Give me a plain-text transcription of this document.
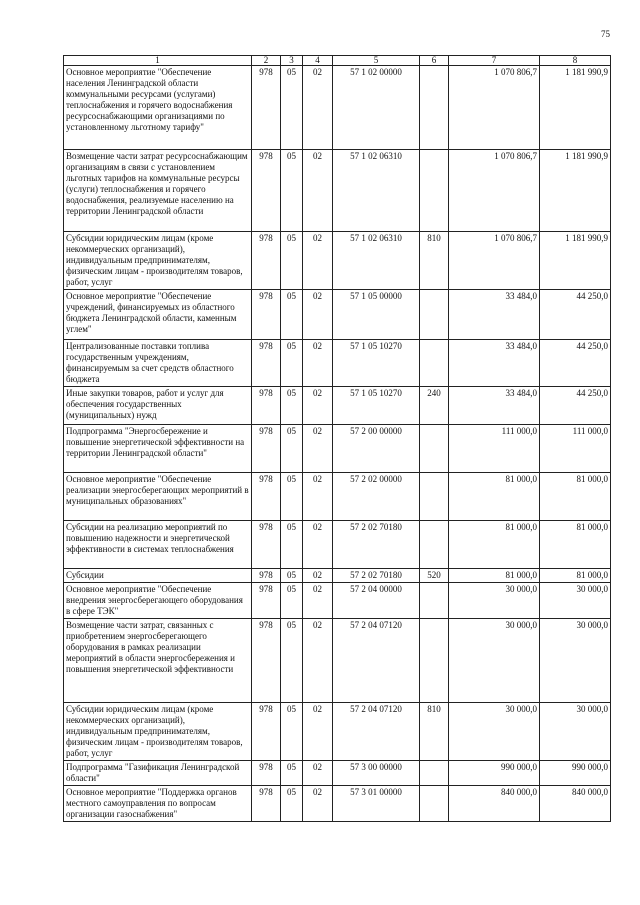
75
1	2	3	4	5	6	7	8
Основное мероприятие "Обеспечение населения Ленинградской области коммунальными ресурсами (услугами) теплоснабжения и горячего водоснабжения ресурсоснабжающими организациями по установленному льготному тарифу"	978	05	02	57 1 02 00000		1 070 806,7	1 181 990,9
Возмещение части затрат ресурсоснабжающим организациям в связи с установлением льготных тарифов на коммунальные ресурсы (услуги) теплоснабжения и горячего водоснабжения, реализуемые населению на территории Ленинградской области	978	05	02	57 1 02 06310		1 070 806,7	1 181 990,9
Субсидии юридическим лицам (кроме некоммерческих организаций), индивидуальным предпринимателям, физическим лицам - производителям товаров, работ, услуг	978	05	02	57 1 02 06310	810	1 070 806,7	1 181 990,9
Основное мероприятие "Обеспечение учреждений, финансируемых из областного бюджета Ленинградской области, каменным углем"	978	05	02	57 1 05 00000		33 484,0	44 250,0
Централизованные поставки топлива государственным учреждениям, финансируемым за счет средств областного бюджета	978	05	02	57 1 05 10270		33 484,0	44 250,0
Иные закупки товаров, работ и услуг для обеспечения государственных (муниципальных) нужд	978	05	02	57 1 05 10270	240	33 484,0	44 250,0
Подпрограмма "Энергосбережение и повышение энергетической эффективности на территории Ленинградской области"	978	05	02	57 2 00 00000		111 000,0	111 000,0
Основное мероприятие "Обеспечение реализации энергосберегающих мероприятий в муниципальных образованиях"	978	05	02	57 2 02 00000		81 000,0	81 000,0
Субсидии на реализацию мероприятий по повышению надежности и энергетической эффективности в системах теплоснабжения	978	05	02	57 2 02 70180		81 000,0	81 000,0
Субсидии	978	05	02	57 2 02 70180	520	81 000,0	81 000,0
Основное мероприятие "Обеспечение внедрения энергосберегающего оборудования в сфере ТЭК"	978	05	02	57 2 04 00000		30 000,0	30 000,0
Возмещение части затрат, связанных с приобретением энергосберегающего оборудования в рамках реализации мероприятий в области энергосбережения и повышения энергетической эффективности	978	05	02	57 2 04 07120		30 000,0	30 000,0
Субсидии юридическим лицам (кроме некоммерческих организаций), индивидуальным предпринимателям, физическим лицам - производителям товаров, работ, услуг	978	05	02	57 2 04 07120	810	30 000,0	30 000,0
Подпрограмма "Газификация Ленинградской области"	978	05	02	57 3 00 00000		990 000,0	990 000,0
Основное мероприятие "Поддержка органов местного самоуправления по вопросам организации газоснабжения"	978	05	02	57 3 01 00000		840 000,0	840 000,0
